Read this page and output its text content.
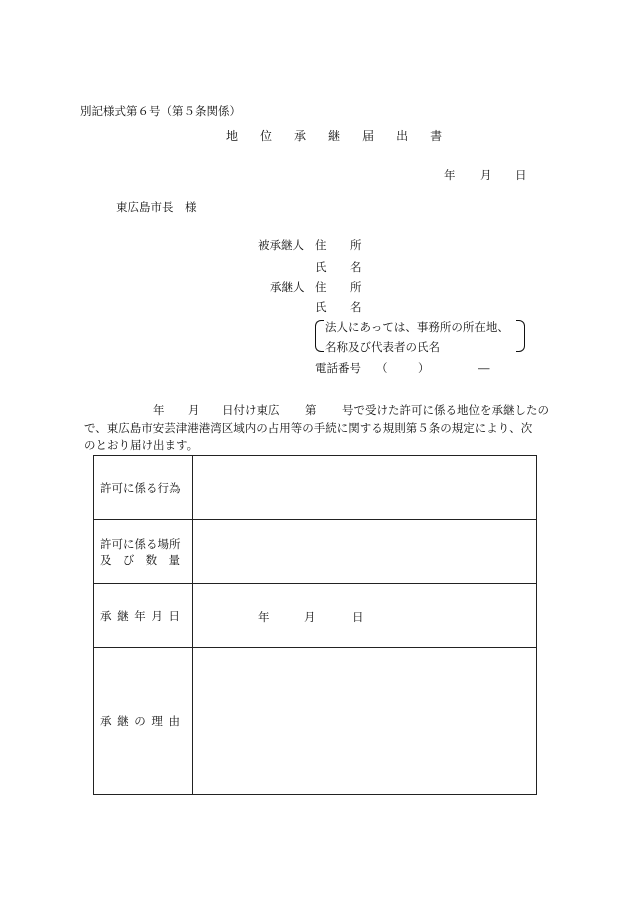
別記様式第６号（第５条関係）
地 位 承 継 届 出 書
年 月 日
東広島市長　様
被承継人 住 所
氏 名
承継人 住 所
氏 名
法人にあっては、事務所の所在地、
名称及び代表者の氏名
電話番号 （	）	―
年 月 日付け東広 第 号で受けた許可に係る地位を承継したの
で、東広島市安芸津港港湾区域内の占用等の手続に関する規則第５条の規定により、次
のとおり届け出ます。
許可に係る行為	

許可に係る場所
及 び 数 量	

承 継 年 月 日	年 月 日

承 継 の 理 由	
